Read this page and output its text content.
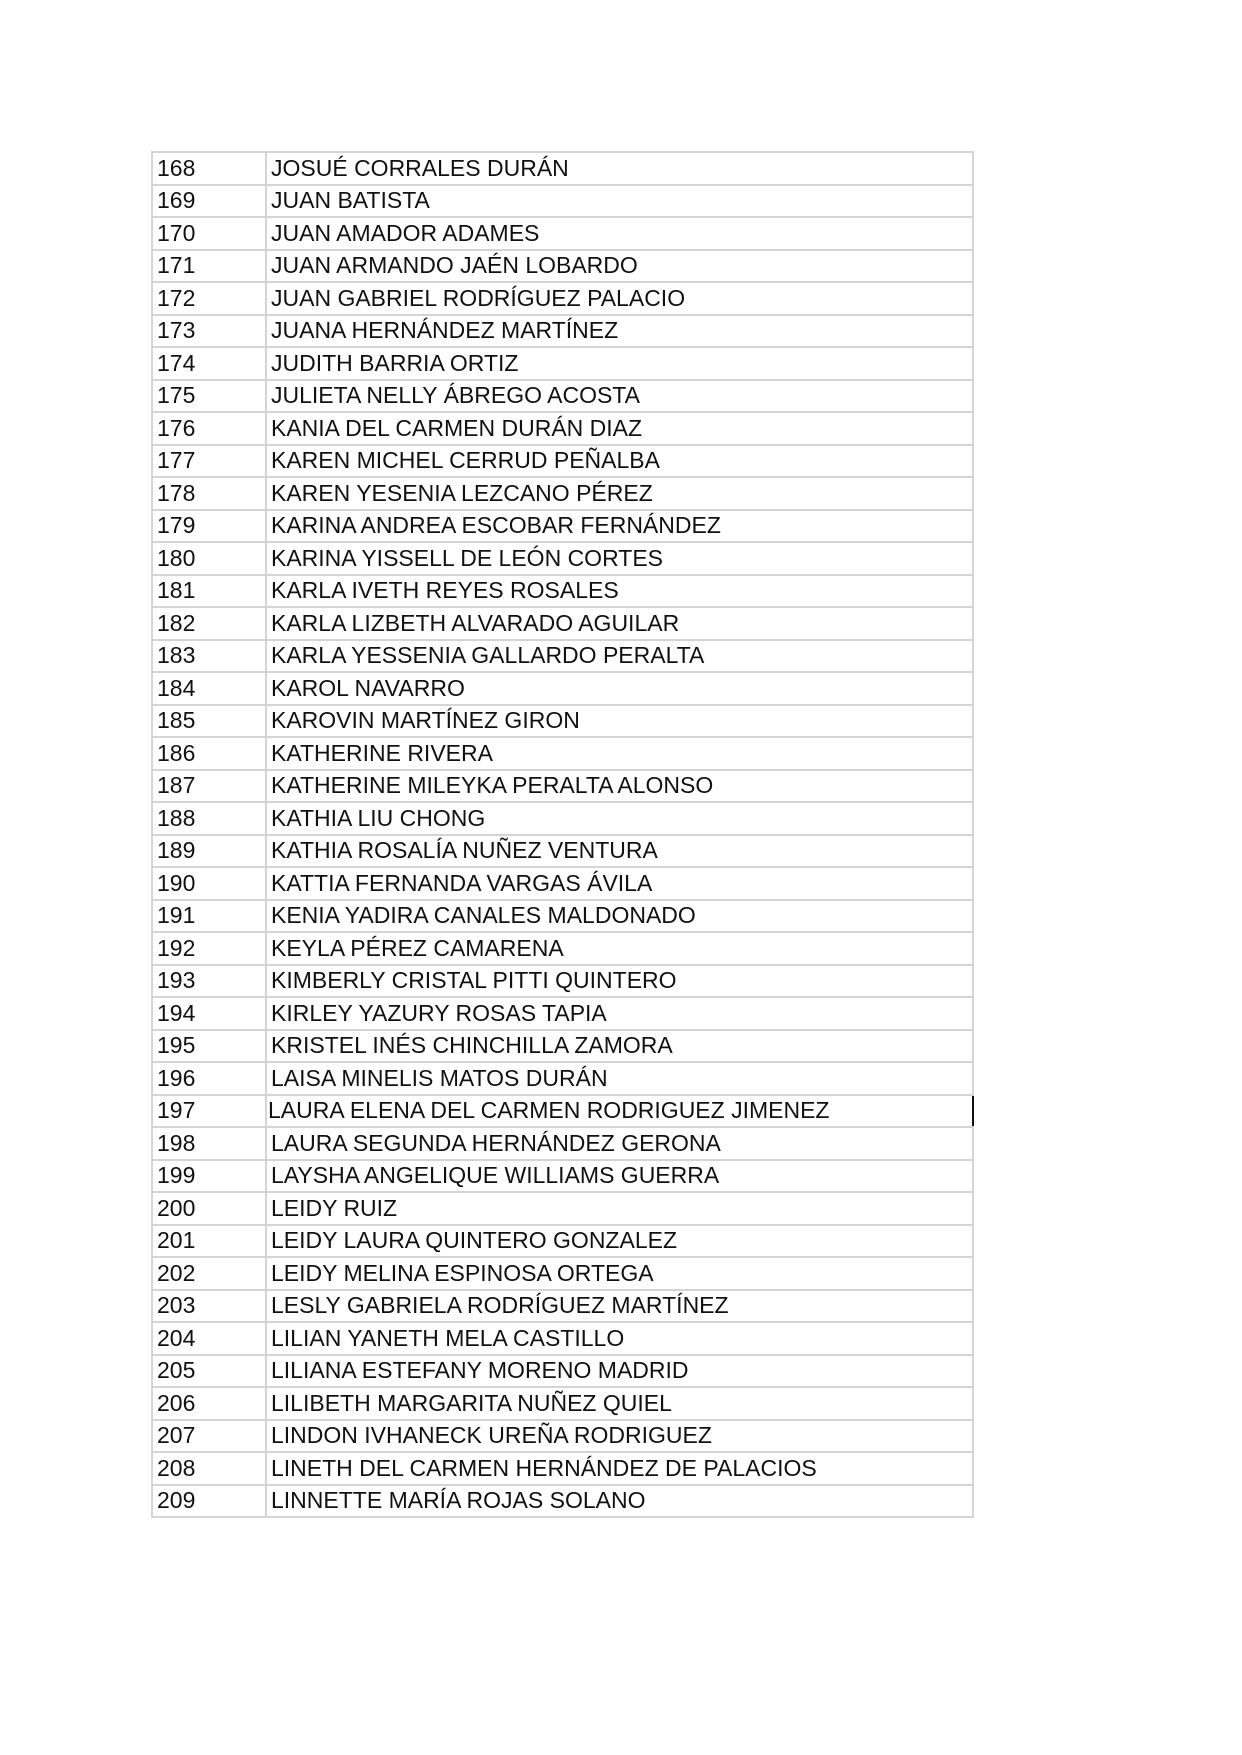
168	JOSUÉ CORRALES DURÁN
169	JUAN BATISTA
170	JUAN AMADOR ADAMES
171	JUAN ARMANDO JAÉN LOBARDO
172	JUAN GABRIEL RODRÍGUEZ PALACIO
173	JUANA HERNÁNDEZ MARTÍNEZ
174	JUDITH BARRIA ORTIZ
175	JULIETA NELLY ÁBREGO ACOSTA
176	KANIA DEL CARMEN DURÁN DIAZ
177	KAREN MICHEL CERRUD PEÑALBA
178	KAREN YESENIA LEZCANO PÉREZ
179	KARINA ANDREA ESCOBAR FERNÁNDEZ
180	KARINA YISSELL DE LEÓN CORTES
181	KARLA IVETH REYES ROSALES
182	KARLA LIZBETH ALVARADO AGUILAR
183	KARLA YESSENIA GALLARDO PERALTA
184	KAROL NAVARRO
185	KAROVIN MARTÍNEZ GIRON
186	KATHERINE RIVERA
187	KATHERINE MILEYKA PERALTA ALONSO
188	KATHIA LIU CHONG
189	KATHIA ROSALÍA NUÑEZ VENTURA
190	KATTIA FERNANDA VARGAS ÁVILA
191	KENIA YADIRA CANALES MALDONADO
192	KEYLA PÉREZ CAMARENA
193	KIMBERLY CRISTAL PITTI QUINTERO
194	KIRLEY YAZURY ROSAS TAPIA
195	KRISTEL INÉS CHINCHILLA ZAMORA
196	LAISA MINELIS MATOS DURÁN
197	LAURA ELENA DEL CARMEN RODRIGUEZ JIMENEZ
198	LAURA SEGUNDA HERNÁNDEZ GERONA
199	LAYSHA ANGELIQUE WILLIAMS GUERRA
200	LEIDY RUIZ
201	LEIDY LAURA QUINTERO GONZALEZ
202	LEIDY MELINA ESPINOSA ORTEGA
203	LESLY GABRIELA RODRÍGUEZ MARTÍNEZ
204	LILIAN YANETH MELA CASTILLO
205	LILIANA ESTEFANY MORENO MADRID
206	LILIBETH MARGARITA NUÑEZ QUIEL
207	LINDON IVHANECK UREÑA RODRIGUEZ
208	LINETH DEL CARMEN HERNÁNDEZ DE PALACIOS
209	LINNETTE MARÍA ROJAS SOLANO
